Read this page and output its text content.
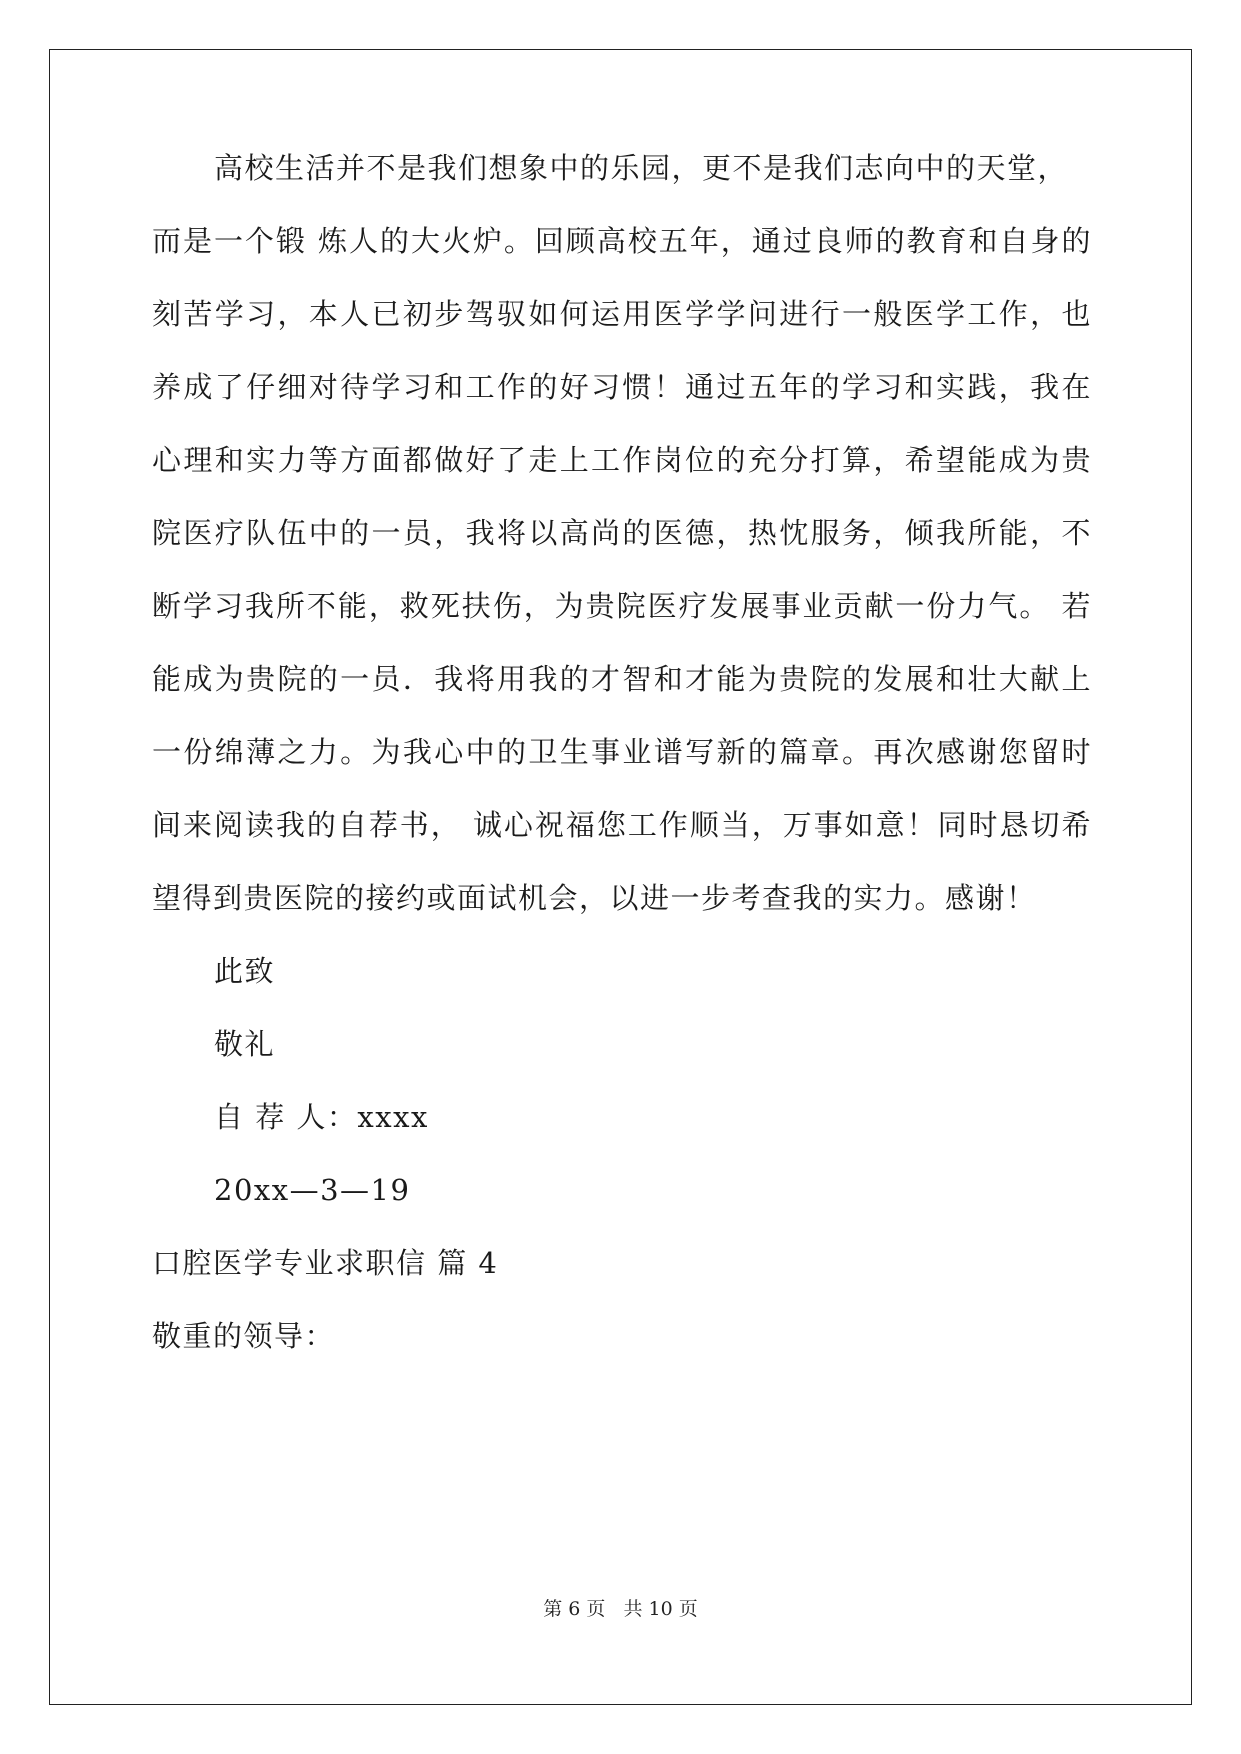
高校生活并不是我们想象中的乐园，更不是我们志向中的天堂，
而是一个锻 炼人的大火炉。回顾高校五年，通过良师的教育和自身的
刻苦学习，本人已初步驾驭如何运用医学学问进行一般医学工作，也
养成了仔细对待学习和工作的好习惯！通过五年的学习和实践，我在
心理和实力等方面都做好了走上工作岗位的充分打算，希望能成为贵
院医疗队伍中的一员，我将以高尚的医德，热忱服务，倾我所能，不
断学习我所不能，救死扶伤，为贵院医疗发展事业贡献一份力气。 若
能成为贵院的一员．我将用我的才智和才能为贵院的发展和壮大献上
一份绵薄之力。为我心中的卫生事业谱写新的篇章。再次感谢您留时
间来阅读我的自荐书， 诚心祝福您工作顺当，万事如意！同时恳切希
望得到贵医院的接约或面试机会，以进一步考查我的实力。感谢！
此致
敬礼
自 荐 人：xxxx
20xx—3—19
口腔医学专业求职信 篇 4
敬重的领导：
第 6 页 共 10 页
